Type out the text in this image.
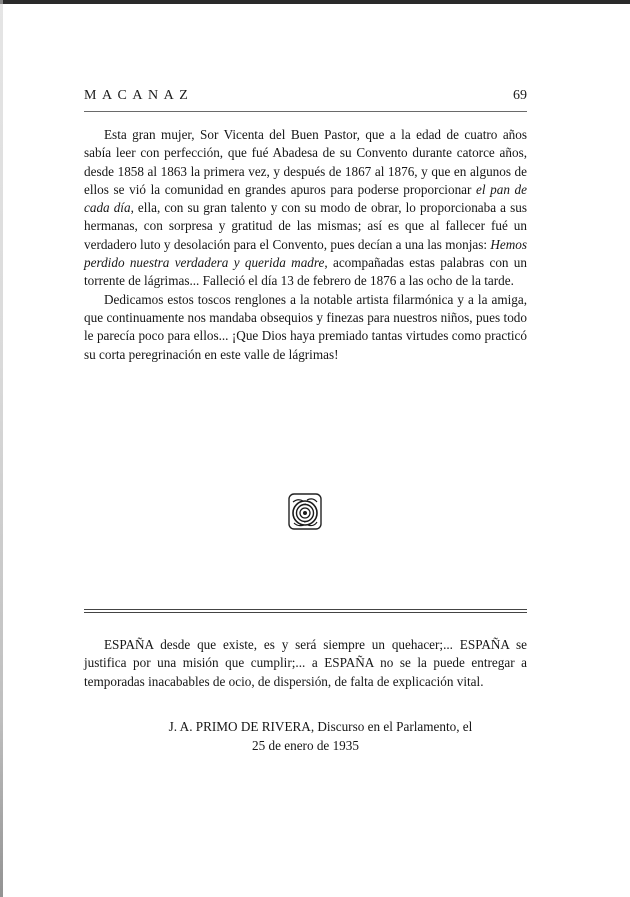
MACANAZ	69

Esta gran mujer, Sor Vicenta del Buen Pastor, que a la edad de cuatro años sabía leer con perfección, que fué Abadesa de su Convento durante catorce años, desde 1858 al 1863 la primera vez, y después de 1867 al 1876, y que en algunos de ellos se vió la comunidad en grandes apuros para poderse proporcionar el pan de cada día, ella, con su gran talento y con su modo de obrar, lo proporcionaba a sus hermanas, con sorpresa y gratitud de las mismas; así es que al fallecer fué un verdadero luto y desolación para el Convento, pues decían a una las monjas: Hemos perdido nuestra verdadera y querida madre, acompañadas estas palabras con un torrente de lágrimas... Falleció el día 13 de febrero de 1876 a las ocho de la tarde.

Dedicamos estos toscos renglones a la notable artista filarmónica y a la amiga, que continuamente nos mandaba obsequios y finezas para nuestros niños, pues todo le parecía poco para ellos... ¡Que Dios haya premiado tantas virtudes como practicó su corta peregrinación en este valle de lágrimas!

ESPAÑA desde que existe, es y será siempre un quehacer;... ESPAÑA se justifica por una misión que cumplir;... a ESPAÑA no se la puede entregar a temporadas inacabables de ocio, de dispersión, de falta de explicación vital.

J. A. PRIMO DE RIVERA, Discurso en el Parlamento, el
25 de enero de 1935
